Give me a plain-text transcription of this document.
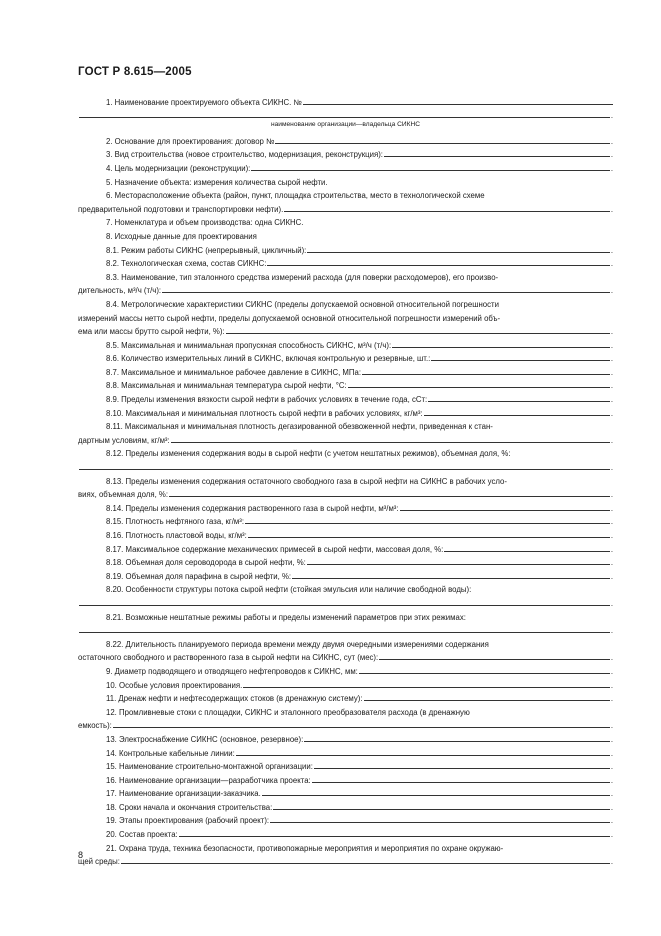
ГОСТ Р 8.615—2005
1. Наименование проектируемого объекта СИКНС. №
.
наименование организации—владельца СИКНС
2. Основание для проектирования: договор №	.
3. Вид строительства (новое строительство, модернизация, реконструкция):	.
4. Цель модернизации (реконструкции):	.
5. Назначение объекта: измерения количества сырой нефти.
6. Месторасположение объекта (район, пункт, площадка строительства, место в технологической схеме
предварительной подготовки и транспортировки нефти).	.
7. Номенклатура и объем производства: одна СИКНС.
8. Исходные данные для проектирования
8.1. Режим работы СИКНС (непрерывный, цикличный):	.
8.2. Технологическая схема, состав СИКНС:	.
8.3. Наименование, тип эталонного средства измерений расхода (для поверки расходомеров), его произво-
дительность, м³/ч (т/ч):	.
8.4. Метрологические характеристики СИКНС (пределы допускаемой основной относительной погрешности
измерений массы нетто сырой нефти, пределы допускаемой основной относительной погрешности измерений объ-
ема или массы брутто сырой нефти, %):	.
8.5. Максимальная и минимальная пропускная способность СИКНС, м³/ч (т/ч):	.
8.6. Количество измерительных линий в СИКНС, включая контрольную и резервные, шт.:	.
8.7. Максимальное и минимальное рабочее давление в СИКНС, МПа:	.
8.8. Максимальная и минимальная температура сырой нефти, °С:	.
8.9. Пределы изменения вязкости сырой нефти в рабочих условиях в течение года, сСт:	.
8.10. Максимальная и минимальная плотность сырой нефти в рабочих условиях, кг/м³:	.
8.11. Максимальная и минимальная плотность дегазированной обезвоженной нефти, приведенная к стан-
дартным условиям, кг/м³:	.
8.12. Пределы изменения содержания воды в сырой нефти (с учетом нештатных режимов), объемная доля, %:
.
8.13. Пределы изменения содержания остаточного свободного газа в сырой нефти на СИКНС в рабочих усло-
виях, объемная доля, %:	.
8.14. Пределы изменения содержания растворенного газа в сырой нефти, м³/м³:	.
8.15. Плотность нефтяного газа, кг/м³:	.
8.16. Плотность пластовой воды, кг/м³:	.
8.17. Максимальное содержание механических примесей в сырой нефти, массовая доля, %:	.
8.18. Объемная доля сероводорода в сырой нефти, %:	.
8.19. Объемная доля парафина в сырой нефти, %:	.
8.20. Особенности структуры потока сырой нефти (стойкая эмульсия или наличие свободной воды):
.
8.21. Возможные нештатные режимы работы и пределы изменений параметров при этих режимах:
.
8.22. Длительность планируемого периода времени между двумя очередными измерениями содержания
остаточного свободного и растворенного газа в сырой нефти на СИКНС, сут (мес):	.
9. Диаметр подводящего и отводящего нефтепроводов к СИКНС, мм:	.
10. Особые условия проектирования.	.
11. Дренаж нефти и нефтесодержащих стоков (в дренажную систему):	.
12. Промливневые стоки с площадки, СИКНС и эталонного преобразователя расхода (в дренажную
емкость):	.
13. Электроснабжение СИКНС (основное, резервное):	.
14. Контрольные кабельные линии:	.
15. Наименование строительно-монтажной организации:	.
16. Наименование организации—разработчика проекта:	.
17. Наименование организации-заказчика.	.
18. Сроки начала и окончания строительства:	.
19. Этапы проектирования (рабочий проект):	.
20. Состав проекта:	.
21. Охрана труда, техника безопасности, противопожарные мероприятия и мероприятия по охране окружаю-
щей среды:	.
8
